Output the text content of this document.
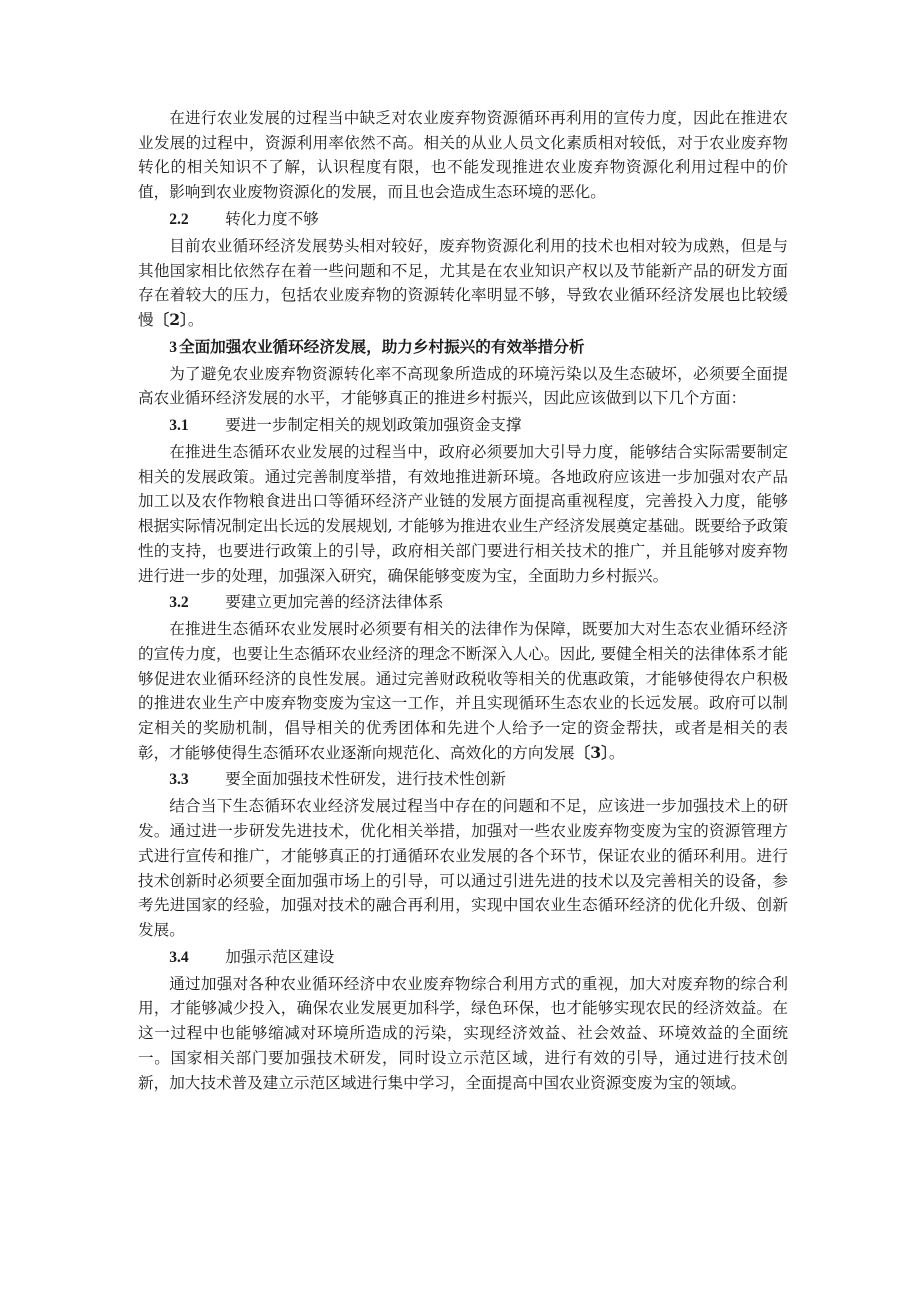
在进行农业发展的过程当中缺乏对农业废弃物资源循环再利用的宣传力度，因此在推进农业发展的过程中，资源利用率依然不高。相关的从业人员文化素质相对较低，对于农业废弃物转化的相关知识不了解，认识程度有限，也不能发现推进农业废弃物资源化利用过程中的价值，影响到农业废物资源化的发展，而且也会造成生态环境的恶化。

2.2 转化力度不够

目前农业循环经济发展势头相对较好，废弃物资源化利用的技术也相对较为成熟，但是与其他国家相比依然存在着一些问题和不足，尤其是在农业知识产权以及节能新产品的研发方面存在着较大的压力，包括农业废弃物的资源转化率明显不够，导致农业循环经济发展也比较缓慢〔2〕。

3 全面加强农业循环经济发展，助力乡村振兴的有效举措分析

为了避免农业废弃物资源转化率不高现象所造成的环境污染以及生态破坏，必须要全面提高农业循环经济发展的水平，才能够真正的推进乡村振兴，因此应该做到以下几个方面：

3.1 要进一步制定相关的规划政策加强资金支撑

在推进生态循环农业发展的过程当中，政府必须要加大引导力度，能够结合实际需要制定相关的发展政策。通过完善制度举措，有效地推进新环境。各地政府应该进一步加强对农产品加工以及农作物粮食进出口等循环经济产业链的发展方面提高重视程度，完善投入力度，能够根据实际情况制定出长远的发展规划, 才能够为推进农业生产经济发展奠定基础。既要给予政策性的支持，也要进行政策上的引导，政府相关部门要进行相关技术的推广，并且能够对废弃物进行进一步的处理，加强深入研究，确保能够变废为宝，全面助力乡村振兴。

3.2 要建立更加完善的经济法律体系

在推进生态循环农业发展时必须要有相关的法律作为保障，既要加大对生态农业循环经济的宣传力度，也要让生态循环农业经济的理念不断深入人心。因此, 要健全相关的法律体系才能够促进农业循环经济的良性发展。通过完善财政税收等相关的优惠政策，才能够使得农户积极的推进农业生产中废弃物变废为宝这一工作，并且实现循环生态农业的长远发展。政府可以制定相关的奖励机制，倡导相关的优秀团体和先进个人给予一定的资金帮扶，或者是相关的表彰，才能够使得生态循环农业逐渐向规范化、高效化的方向发展〔3〕。

3.3 要全面加强技术性研发，进行技术性创新

结合当下生态循环农业经济发展过程当中存在的问题和不足，应该进一步加强技术上的研发。通过进一步研发先进技术，优化相关举措，加强对一些农业废弃物变废为宝的资源管理方式进行宣传和推广，才能够真正的打通循环农业发展的各个环节，保证农业的循环利用。进行技术创新时必须要全面加强市场上的引导，可以通过引进先进的技术以及完善相关的设备，参考先进国家的经验，加强对技术的融合再利用，实现中国农业生态循环经济的优化升级、创新发展。

3.4 加强示范区建设

通过加强对各种农业循环经济中农业废弃物综合利用方式的重视，加大对废弃物的综合利用，才能够减少投入，确保农业发展更加科学，绿色环保，也才能够实现农民的经济效益。在这一过程中也能够缩减对环境所造成的污染，实现经济效益、社会效益、环境效益的全面统一。国家相关部门要加强技术研发，同时设立示范区域，进行有效的引导，通过进行技术创新，加大技术普及建立示范区域进行集中学习，全面提高中国农业资源变废为宝的领域。
